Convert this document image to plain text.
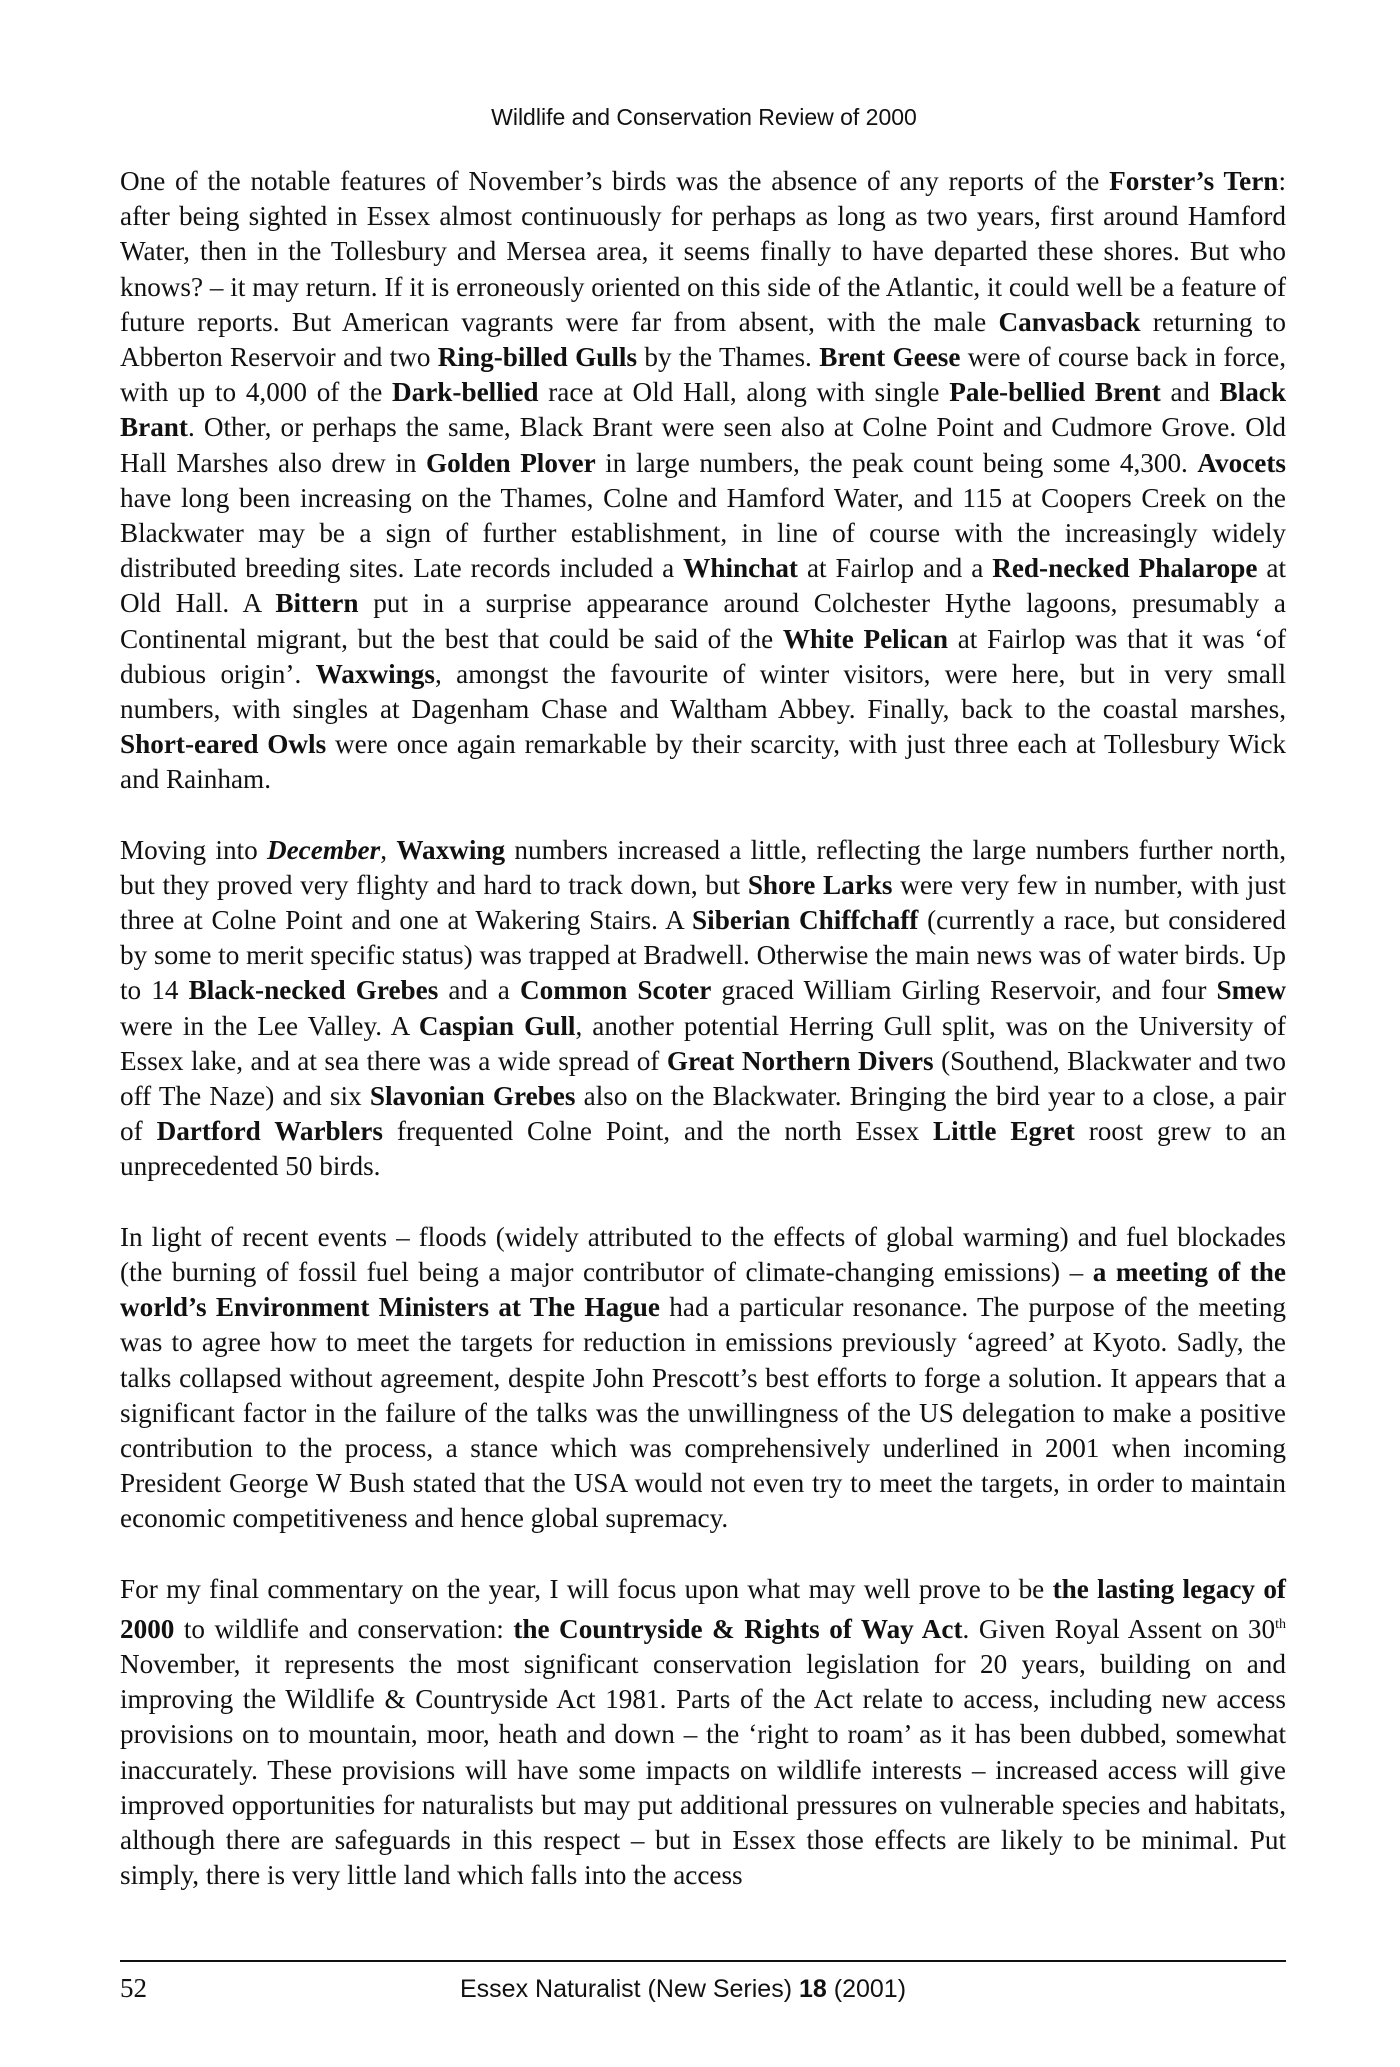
Wildlife and Conservation Review of 2000

One of the notable features of November’s birds was the absence of any reports of the Forster’s Tern: after being sighted in Essex almost continuously for perhaps as long as two years, first around Hamford Water, then in the Tollesbury and Mersea area, it seems finally to have departed these shores. But who knows? – it may return. If it is erroneously oriented on this side of the Atlantic, it could well be a feature of future reports. But American vagrants were far from absent, with the male Canvasback returning to Abberton Reservoir and two Ring-billed Gulls by the Thames. Brent Geese were of course back in force, with up to 4,000 of the Dark-bellied race at Old Hall, along with single Pale-bellied Brent and Black Brant. Other, or perhaps the same, Black Brant were seen also at Colne Point and Cudmore Grove. Old Hall Marshes also drew in Golden Plover in large numbers, the peak count being some 4,300. Avocets have long been increasing on the Thames, Colne and Hamford Water, and 115 at Coopers Creek on the Blackwater may be a sign of further establishment, in line of course with the increasingly widely distributed breeding sites. Late records included a Whinchat at Fairlop and a Red-necked Phalarope at Old Hall. A Bittern put in a surprise appearance around Colchester Hythe lagoons, presumably a Continental migrant, but the best that could be said of the White Pelican at Fairlop was that it was ‘of dubious origin’. Waxwings, amongst the favourite of winter visitors, were here, but in very small numbers, with singles at Dagenham Chase and Waltham Abbey. Finally, back to the coastal marshes, Short-eared Owls were once again remarkable by their scarcity, with just three each at Tollesbury Wick and Rainham.

Moving into December, Waxwing numbers increased a little, reflecting the large numbers further north, but they proved very flighty and hard to track down, but Shore Larks were very few in number, with just three at Colne Point and one at Wakering Stairs. A Siberian Chiffchaff (currently a race, but considered by some to merit specific status) was trapped at Bradwell. Otherwise the main news was of water birds. Up to 14 Black-necked Grebes and a Common Scoter graced William Girling Reservoir, and four Smew were in the Lee Valley. A Caspian Gull, another potential Herring Gull split, was on the University of Essex lake, and at sea there was a wide spread of Great Northern Divers (Southend, Blackwater and two off The Naze) and six Slavonian Grebes also on the Blackwater. Bringing the bird year to a close, a pair of Dartford Warblers frequented Colne Point, and the north Essex Little Egret roost grew to an unprecedented 50 birds.

In light of recent events – floods (widely attributed to the effects of global warming) and fuel blockades (the burning of fossil fuel being a major contributor of climate-changing emissions) – a meeting of the world’s Environment Ministers at The Hague had a particular resonance. The purpose of the meeting was to agree how to meet the targets for reduction in emissions previously ‘agreed’ at Kyoto. Sadly, the talks collapsed without agreement, despite John Prescott’s best efforts to forge a solution. It appears that a significant factor in the failure of the talks was the unwillingness of the US delegation to make a positive contribution to the process, a stance which was comprehensively underlined in 2001 when incoming President George W Bush stated that the USA would not even try to meet the targets, in order to maintain economic competitiveness and hence global supremacy.

For my final commentary on the year, I will focus upon what may well prove to be the lasting legacy of 2000 to wildlife and conservation: the Countryside & Rights of Way Act. Given Royal Assent on 30th November, it represents the most significant conservation legislation for 20 years, building on and improving the Wildlife & Countryside Act 1981. Parts of the Act relate to access, including new access provisions on to mountain, moor, heath and down – the ‘right to roam’ as it has been dubbed, somewhat inaccurately. These provisions will have some impacts on wildlife interests – increased access will give improved opportunities for naturalists but may put additional pressures on vulnerable species and habitats, although there are safeguards in this respect – but in Essex those effects are likely to be minimal. Put simply, there is very little land which falls into the access

52	Essex Naturalist (New Series) 18 (2001)
